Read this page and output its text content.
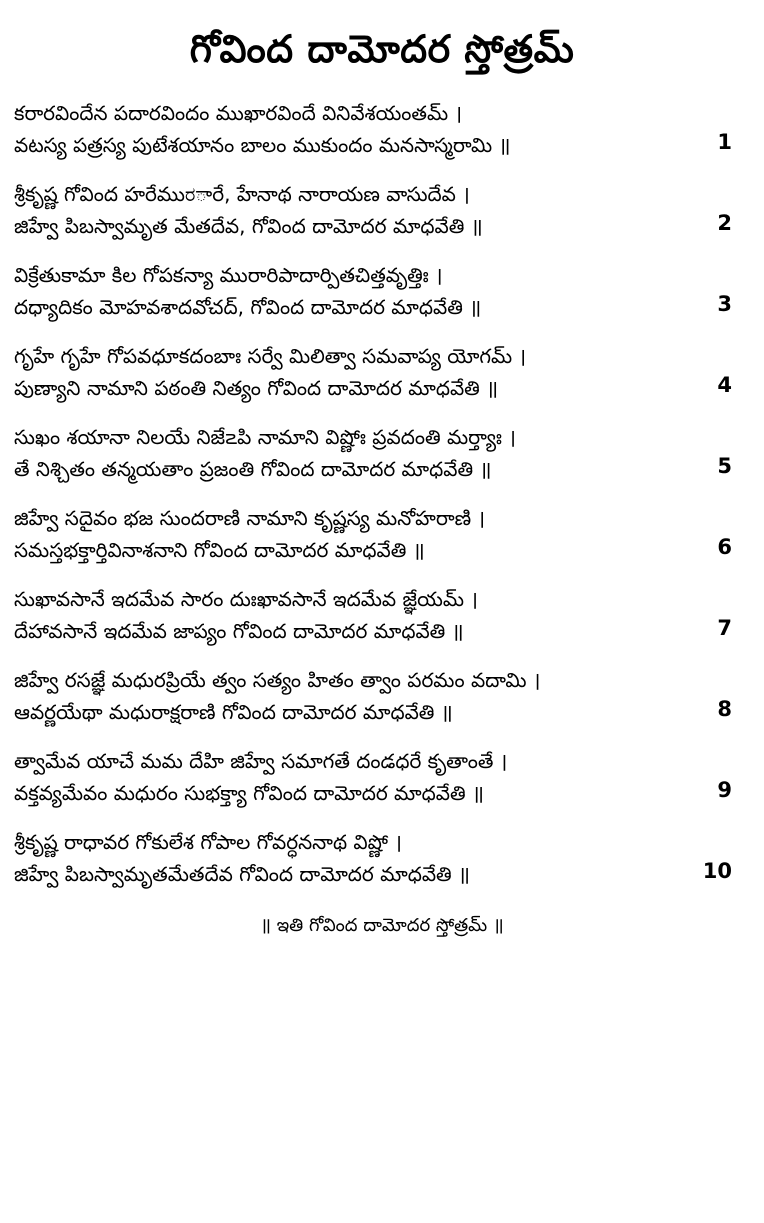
గోవింద దామోదర స్తోత్రమ్
కరారవిందేన పదారవిందం ముఖారవిందే వినివేశయంతమ్ ।
వటస్య పత్రస్య పుటేశయానం బాలం ముకుందం మనసాస్మరామి ॥	1
శ్రీకృష్ణ గోవింద హరేముರారే, హేనాథ నారాయణ వాసుదేవ ।
జిహ్వే పిబస్వామృత మేతదేవ, గోవింద దామోదర మాధవేతి ॥	2
విక్రేతుకామా కిల గోపకన్యా మురారిపాదార్పితచిత్తవృత్తిః ।
దధ్యాదికం మోహవశాదవోచద్, గోవింద దామోదర మాధవేతి ॥	3
గృహే గృహే గోపవధూకదంబాః సర్వే మిలిత్వా సమవాప్య యోగమ్ ।
పుణ్యాని నామాని పఠంతి నిత్యం గోవింద దామోదర మాధవేతి ॥	4
సుఖం శయానా నిలయే నిజే౽పి నామాని విష్ణోః ప్రవదంతి మర్త్యాః ।
తే నిశ్చితం తన్మయతాం ప్రజంతి గోవింద దామోదర మాధవేతి ॥	5
జిహ్వే సదైవం భజ సుందరాణి నామాని కృష్ణస్య మనోహరాణి ।
సమస్తభక్తార్తివినాశనాని గోవింద దామోదర మాధవేతి ॥	6
సుఖావసానే ఇదమేవ సారం దుఃఖావసానే ఇదమేవ జ్ఞేయమ్ ।
దేహావసానే ఇదమేవ జాప్యం గోవింద దామోదర మాధవేతి ॥	7
జిహ్వే రసజ్ఞే మధురప్రియే త్వం సత్యం హితం త్వాం పరమం వదామి ।
ఆవర్ణయేథా మధురాక్షరాణి గోవింద దామోదర మాధవేతి ॥	8
త్వామేవ యాచే మమ దేహి జిహ్వే సమాగతే దండధరే కృతాంతే ।
వక్తవ్యమేవం మధురం సుభక్త్యా గోవింద దామోదర మాధవేతి ॥	9
శ్రీకృష్ణ రాధావర గోకులేశ గోపాల గోవర్ధననాథ విష్ణో ।
జిహ్వే పిబస్వామృతమేతదేవ గోవింద దామోదర మాధవేతి ॥	10
॥ ఇతి గోవింద దామోదర స్తోత్రమ్ ॥
